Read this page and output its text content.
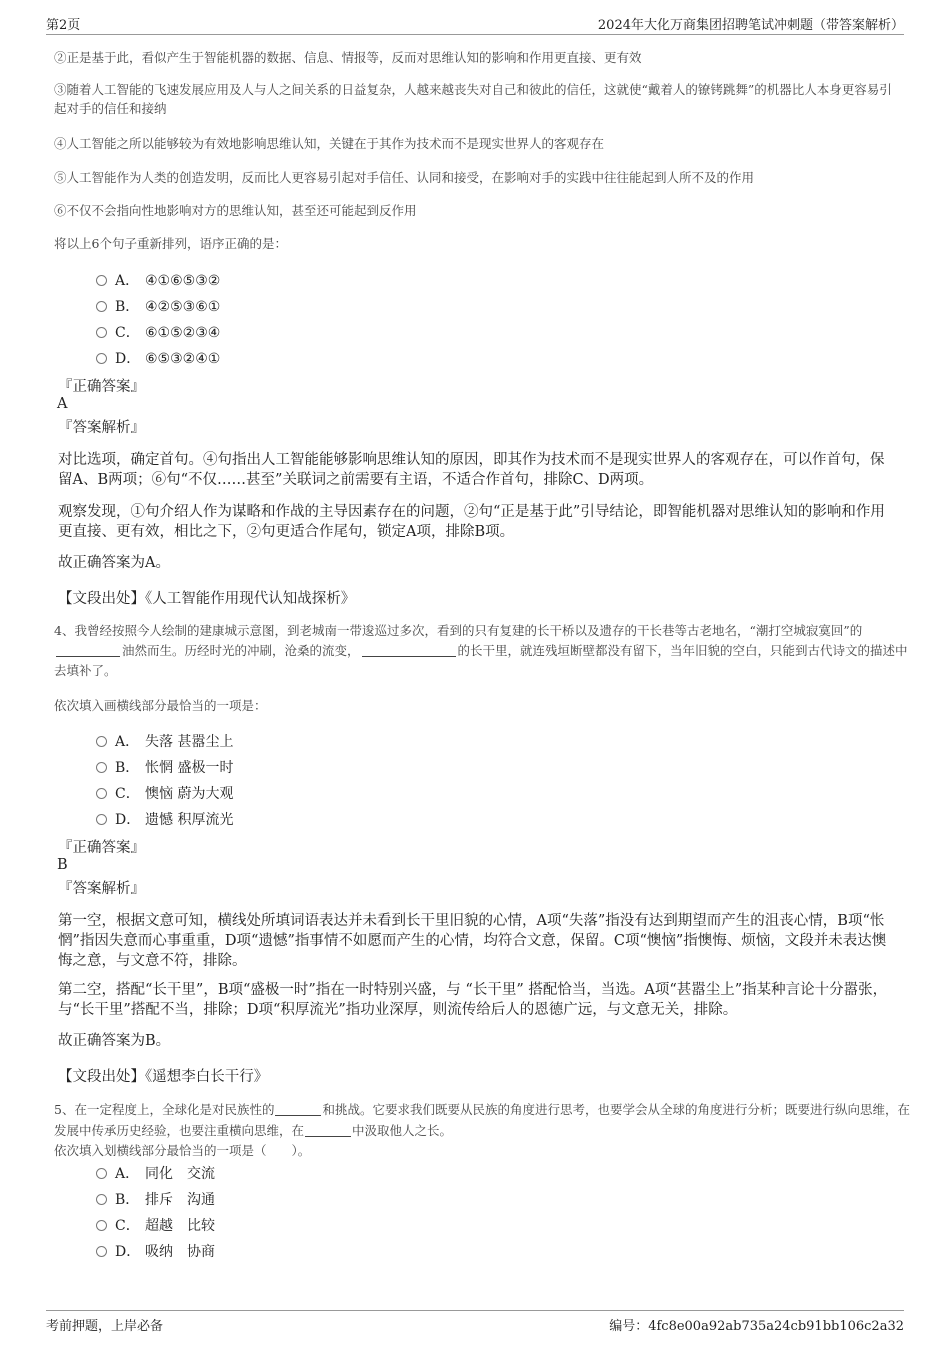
第2页	2024年大化万商集团招聘笔试冲刺题（带答案解析）
②正是基于此，看似产生于智能机器的数据、信息、情报等，反而对思维认知的影响和作用更直接、更有效
③随着人工智能的飞速发展应用及人与人之间关系的日益复杂，人越来越丧失对自己和彼此的信任，这就使“戴着人的镣铐跳舞”的机器比人本身更容易引起对手的信任和接纳
④人工智能之所以能够较为有效地影响思维认知，关键在于其作为技术而不是现实世界人的客观存在
⑤人工智能作为人类的创造发明，反而比人更容易引起对手信任、认同和接受，在影响对手的实践中往往能起到人所不及的作用
⑥不仅不会指向性地影响对方的思维认知，甚至还可能起到反作用
将以上6个句子重新排列，语序正确的是：
A． ④①⑥⑤③②
B． ④②⑤③⑥①
C． ⑥①⑤②③④
D． ⑥⑤③②④①
『正确答案』
A
『答案解析』
对比选项，确定首句。④句指出人工智能能够影响思维认知的原因，即其作为技术而不是现实世界人的客观存在，可以作首句，保留A、B两项；⑥句“不仅……甚至”关联词之前需要有主语，不适合作首句，排除C、D两项。
观察发现，①句介绍人作为谋略和作战的主导因素存在的问题，②句“正是基于此”引导结论，即智能机器对思维认知的影响和作用更直接、更有效，相比之下，②句更适合作尾句，锁定A项，排除B项。
故正确答案为A。
【文段出处】《人工智能作用现代认知战探析》
4、我曾经按照今人绘制的建康城示意图，到老城南一带逡巡过多次，看到的只有复建的长干桥以及遗存的干长巷等古老地名，“潮打空城寂寞回”的油然而生。历经时光的冲刷，沧桑的流变，	的长干里，就连残垣断壁都没有留下，当年旧貌的空白，只能到古代诗文的描述中去填补了。
依次填入画横线部分最恰当的一项是：
A． 失落 甚嚣尘上
B． 怅惘 盛极一时
C． 懊恼 蔚为大观
D． 遗憾 积厚流光
『正确答案』
B
『答案解析』
第一空，根据文意可知，横线处所填词语表达并未看到长干里旧貌的心情，A项“失落”指没有达到期望而产生的沮丧心情，B项“怅惘”指因失意而心事重重，D项“遗憾”指事情不如愿而产生的心情，均符合文意，保留。C项“懊恼”指懊悔、烦恼，文段并未表达懊悔之意，与文意不符，排除。
第二空，搭配“长干里”，B项“盛极一时”指在一时特别兴盛，与 “长干里” 搭配恰当，当选。A项“甚嚣尘上”指某种言论十分嚣张，与“长干里”搭配不当，排除；D项“积厚流光”指功业深厚，则流传给后人的恩德广远，与文意无关，排除。
故正确答案为B。
【文段出处】《遥想李白长干行》
5、在一定程度上，全球化是对民族性的	和挑战。它要求我们既要从民族的角度进行思考，也要学会从全球的角度进行分析；既要进行纵向思维，在发展中传承历史经验，也要注重横向思维，在	中汲取他人之长。
依次填入划横线部分最恰当的一项是（　　）。
A． 同化　交流
B． 排斥　沟通
C． 超越　比较
D． 吸纳　协商
考前押题，上岸必备	编号：4fc8e00a92ab735a24cb91bb106c2a32
